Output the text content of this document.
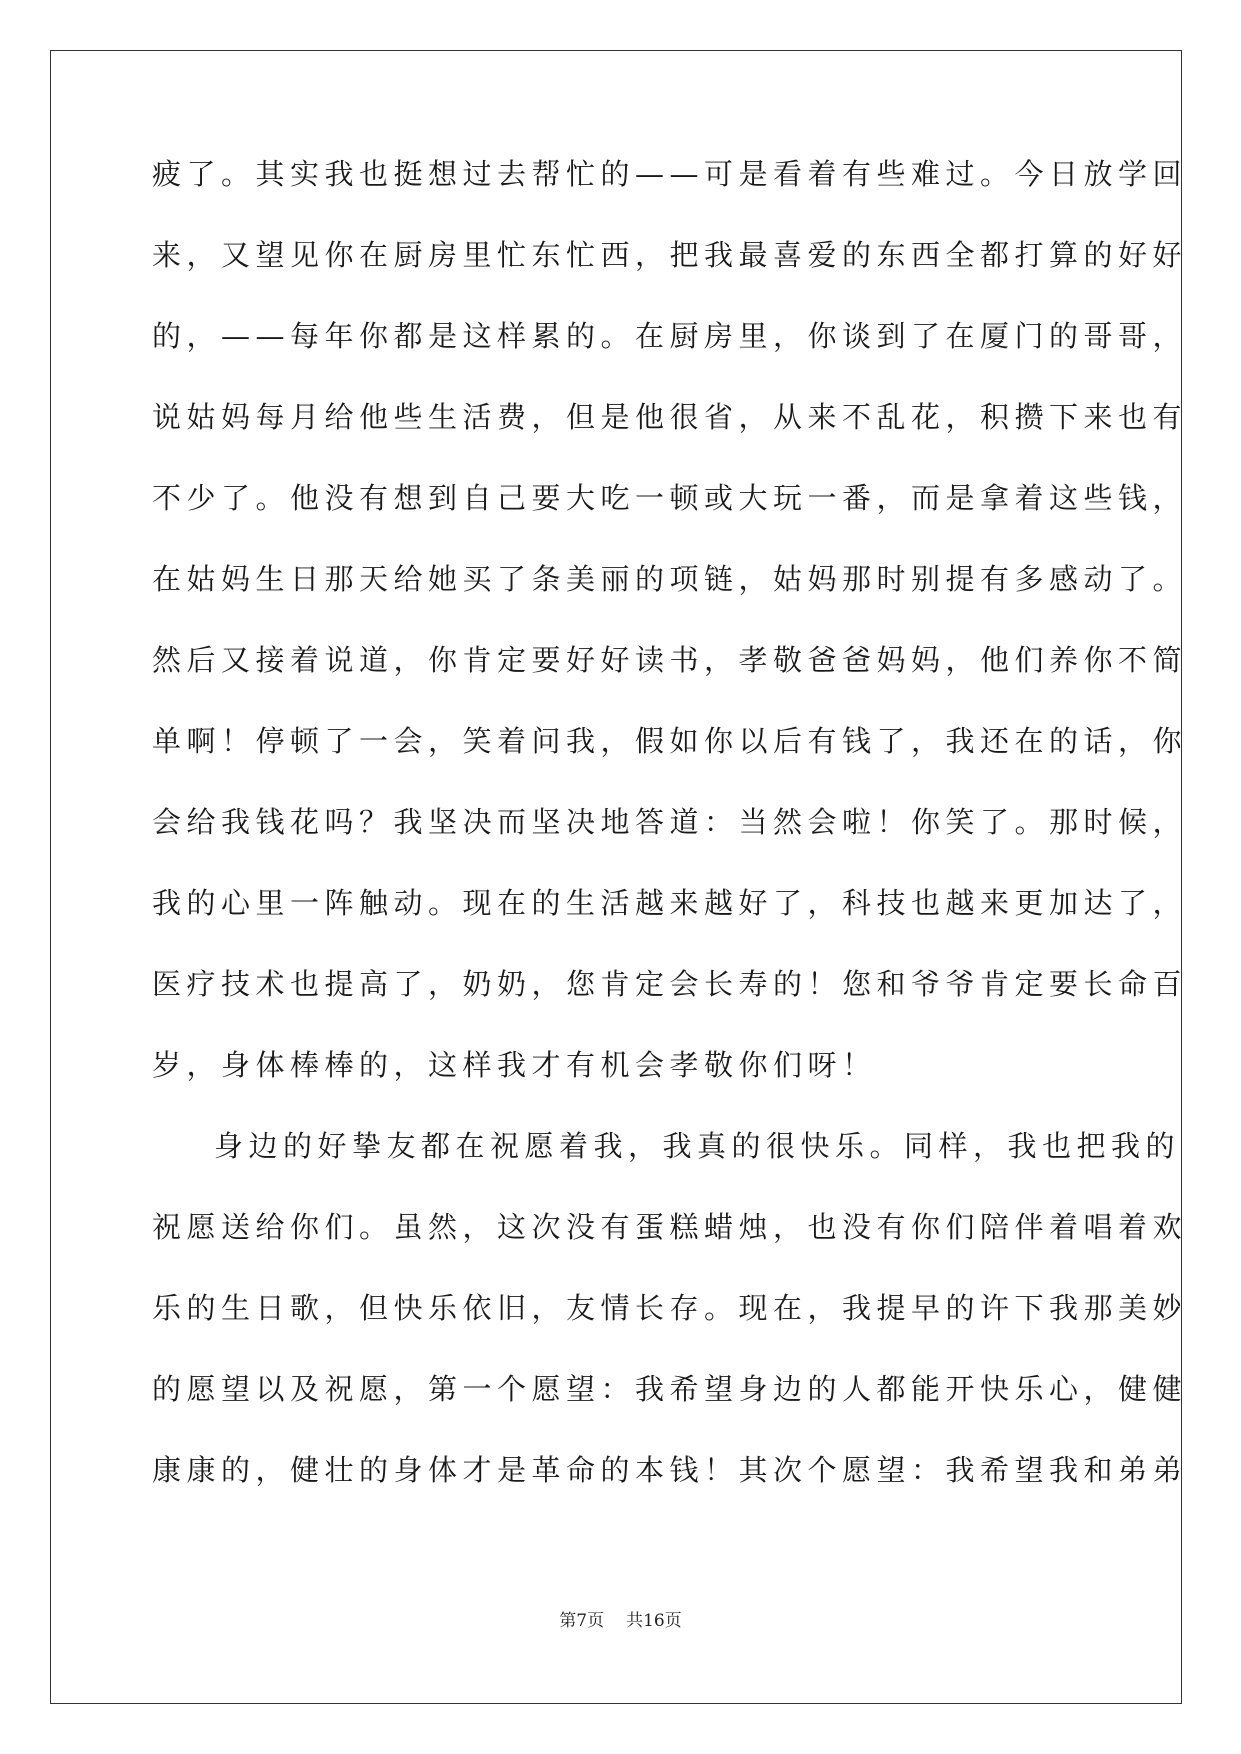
疲了。其实我也挺想过去帮忙的——可是看着有些难过。今日放学回
来，又望见你在厨房里忙东忙西，把我最喜爱的东西全都打算的好好
的，——每年你都是这样累的。在厨房里，你谈到了在厦门的哥哥，
说姑妈每月给他些生活费，但是他很省，从来不乱花，积攒下来也有
不少了。他没有想到自己要大吃一顿或大玩一番，而是拿着这些钱，
在姑妈生日那天给她买了条美丽的项链，姑妈那时别提有多感动了。
然后又接着说道，你肯定要好好读书，孝敬爸爸妈妈，他们养你不简
单啊！停顿了一会，笑着问我，假如你以后有钱了，我还在的话，你
会给我钱花吗？我坚决而坚决地答道：当然会啦！你笑了。那时候，
我的心里一阵触动。现在的生活越来越好了，科技也越来更加达了，
医疗技术也提高了，奶奶，您肯定会长寿的！您和爷爷肯定要长命百
岁，身体棒棒的，这样我才有机会孝敬你们呀！
身边的好挚友都在祝愿着我，我真的很快乐。同样，我也把我的
祝愿送给你们。虽然，这次没有蛋糕蜡烛，也没有你们陪伴着唱着欢
乐的生日歌，但快乐依旧，友情长存。现在，我提早的许下我那美妙
的愿望以及祝愿，第一个愿望：我希望身边的人都能开快乐心，健健
康康的，健壮的身体才是革命的本钱！其次个愿望：我希望我和弟弟
第7页 共16页
